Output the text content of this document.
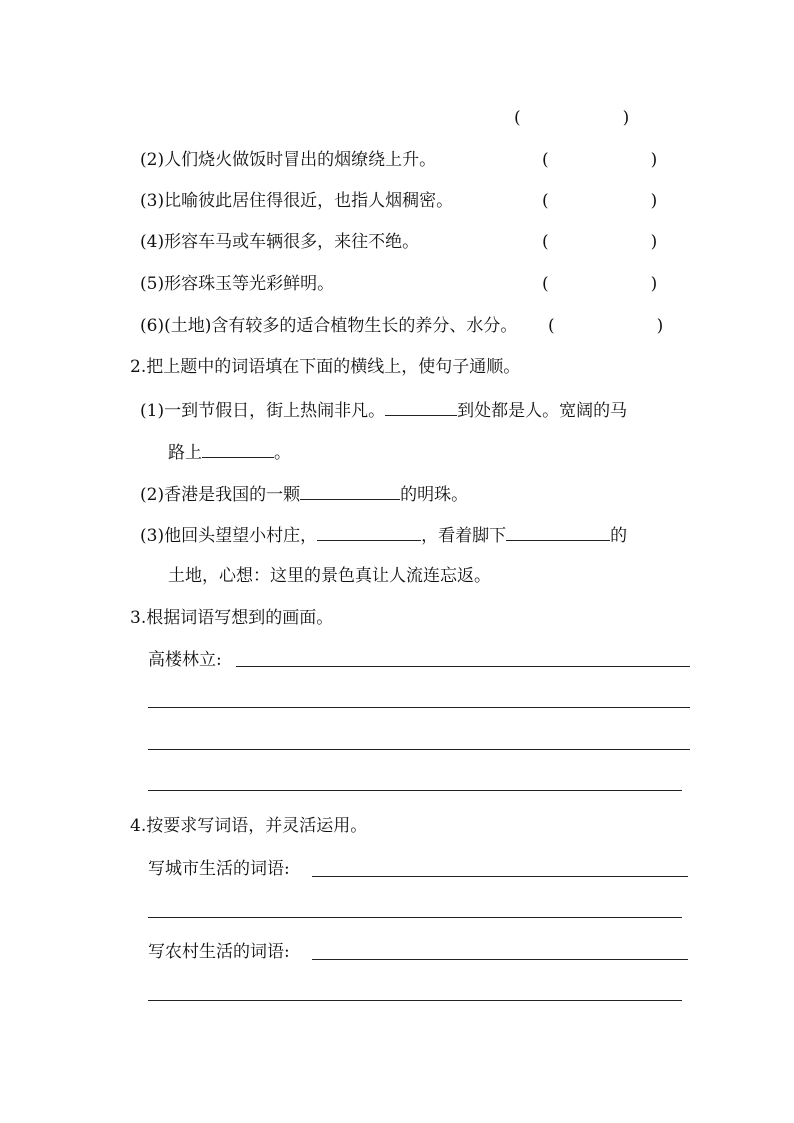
(　　　　　　)
(2)人们烧火做饭时冒出的烟缭绕上升。	(　　　　　　)
(3)比喻彼此居住得很近，也指人烟稠密。	(　　　　　　)
(4)形容车马或车辆很多，来往不绝。	(　　　　　　)
(5)形容珠玉等光彩鲜明。	(　　　　　　)
(6)(土地)含有较多的适合植物生长的养分、水分。 (　　　　　　)
2.把上题中的词语填在下面的横线上，使句子通顺。
(1)一到节假日，街上热闹非凡。	到处都是人。宽阔的马
路上	。
(2)香港是我国的一颗	的明珠。
(3)他回头望望小村庄，	，看着脚下	的
土地，心想：这里的景色真让人流连忘返。
3.根据词语写想到的画面。
高楼林立:
4.按要求写词语，并灵活运用。
写城市生活的词语:
写农村生活的词语:
